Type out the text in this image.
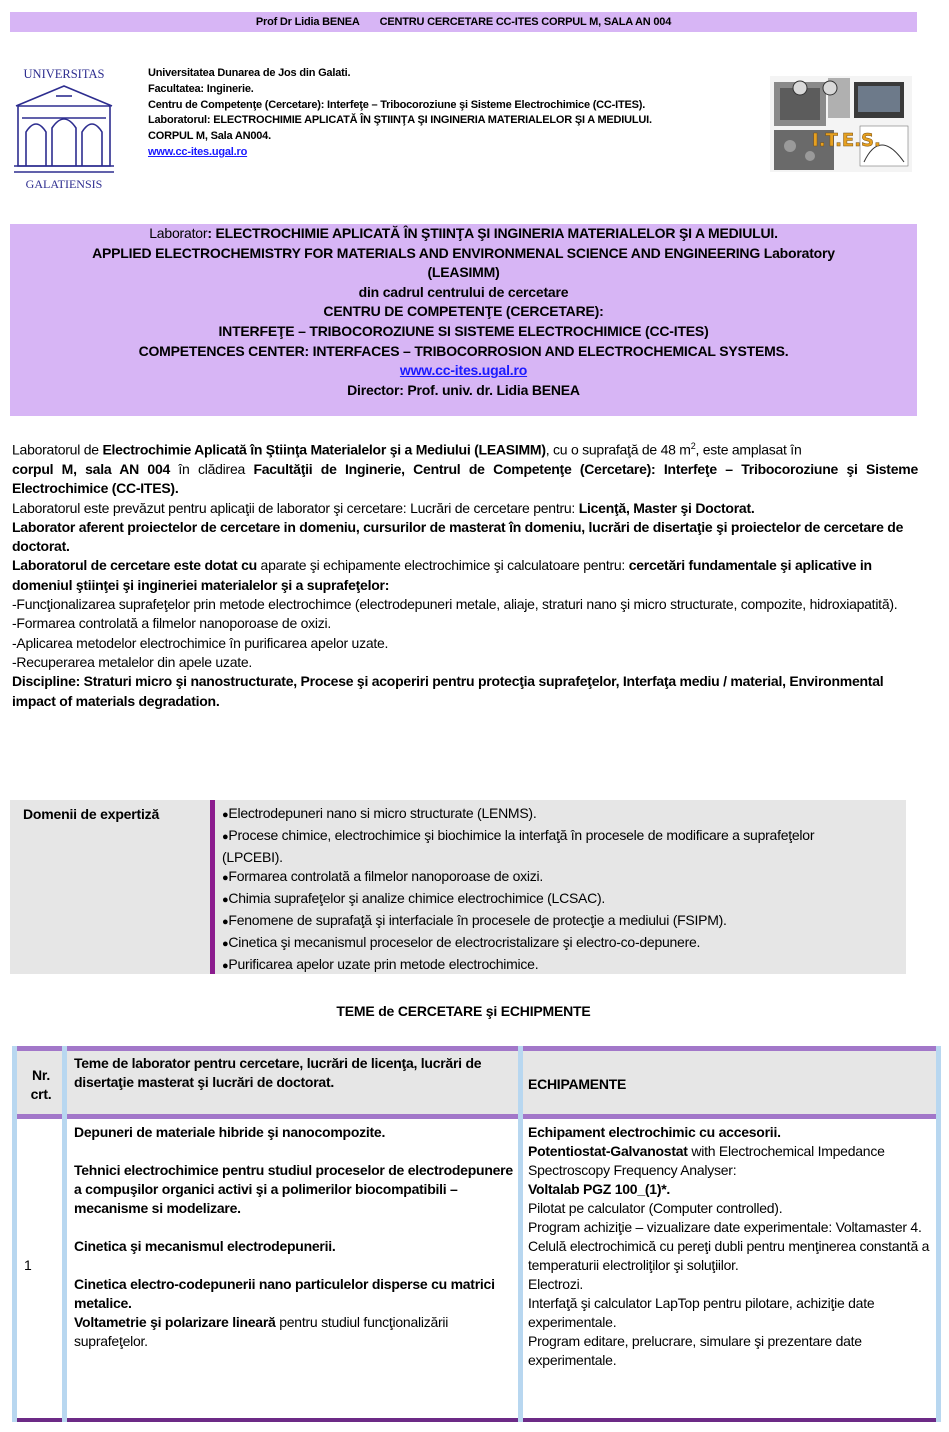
Prof Dr Lidia BENEA CENTRU CERCETARE CC-ITES CORPUL M, SALA AN 004
UNIVERSITAS
GALATIENSIS
Universitatea Dunarea de Jos din Galati.
Facultatea: Inginerie.
Centru de Competenţe (Cercetare): Interfeţe – Tribocoroziune şi Sisteme Electrochimice (CC-ITES).
Laboratorul: ELECTROCHIMIE APLICATĂ ÎN ŞTIINŢA ŞI INGINERIA MATERIALELOR ŞI A MEDIULUI.
CORPUL M, Sala AN004.
www.cc-ites.ugal.ro
I.T.E.S.
Laborator: ELECTROCHIMIE APLICATĂ ÎN ŞTIINŢA ŞI INGINERIA MATERIALELOR ŞI A MEDIULUI.
APPLIED ELECTROCHEMISTRY FOR MATERIALS AND ENVIRONMENAL SCIENCE AND ENGINEERING Laboratory
(LEASIMM)
din cadrul centrului de cercetare
CENTRU DE COMPETENŢE (CERCETARE):
INTERFEŢE – TRIBOCOROZIUNE SI SISTEME ELECTROCHIMICE (CC-ITES)
COMPETENCES CENTER: INTERFACES – TRIBOCORROSION AND ELECTROCHEMICAL SYSTEMS.
www.cc-ites.ugal.ro
Director: Prof. univ. dr. Lidia BENEA

Laboratorul de Electrochimie Aplicată în Ştiinţa Materialelor şi a Mediului (LEASIMM), cu o suprafaţă de 48 $m^2$, este amplasat în
corpul M, sala AN 004 în clădirea Facultăţii de Inginerie, Centrul de Competenţe (Cercetare): Interfeţe – Tribocoroziune şi Sisteme Electrochimice (CC-ITES).

Laboratorul este prevăzut pentru aplicaţii de laborator şi cercetare: Lucrări de cercetare pentru: Licenţă, Master şi Doctorat.

Laborator aferent proiectelor de cercetare in domeniu, cursurilor de masterat în domeniu, lucrări de disertaţie şi proiectelor de cercetare de doctorat.

Laboratorul de cercetare este dotat cu aparate şi echipamente electrochimice şi calculatoare pentru: cercetări fundamentale şi aplicative in domeniul ştiinţei şi ingineriei materialelor şi a suprafeţelor:

-Funcţionalizarea suprafeţelor prin metode electrochimce (electrodepuneri metale, aliaje, straturi nano şi micro structurate, compozite, hidroxiapatită).

-Formarea controlată a filmelor nanoporoase de oxizi.

-Aplicarea metodelor electrochimice în purificarea apelor uzate.

-Recuperarea metalelor din apele uzate.

Discipline: Straturi micro şi nanostructurate, Procese şi acoperiri pentru protecţia suprafeţelor, Interfaţa mediu / material, Environmental impact of materials degradation.

Domenii de expertiză	●Electrodepuneri nano si micro structurate (LENMS).
●Procese chimice, electrochimice şi biochimice la interfaţă în procesele de modificare a suprafeţelor (LPCEBI).
●Formarea controlată a filmelor nanoporoase de oxizi.
●Chimia suprafeţelor şi analize chimice electrochimice (LCSAC).
●Fenomene de suprafaţă şi interfaciale în procesele de protecţie a mediului (FSIPM).
●Cinetica şi mecanismul proceselor de electrocristalizare şi electro-co-depunere.
●Purificarea apelor uzate prin metode electrochimice.
TEME de CERCETARE şi ECHIPMENTE
Nr.
crt.
Teme de laborator pentru cercetare, lucrări de licenţa, lucrări de disertaţie masterat şi lucrări de doctorat.	ECHIPAMENTE
1

Depuneri de materiale hibride şi nanocompozite.

Tehnici electrochimice pentru studiul proceselor de electrodepunere a compuşilor organici activi şi a polimerilor biocompatibili – mecanisme si modelizare.

Cinetica şi mecanismul electrodepunerii.

Cinetica electro-codepunerii nano particulelor disperse cu matrici metalice.

Voltametrie şi polarizare lineară pentru studiul funcţionalizării suprafeţelor.

Echipament electrochimic cu accesorii.

Potentiostat-Galvanostat with Electrochemical Impedance Spectroscopy Frequency Analyser:

Voltalab PGZ 100_(1)*.

Pilotat pe calculator (Computer controlled).

Program achiziţie – vizualizare date experimentale: Voltamaster 4.

Celulă electrochimică cu pereţi dubli pentru menţinerea constantă a temperaturii electroliţilor şi soluţiilor.

Electrozi.

Interfaţă şi calculator LapTop pentru pilotare, achiziţie date experimentale.

Program editare, prelucrare, simulare şi prezentare date experimentale.
